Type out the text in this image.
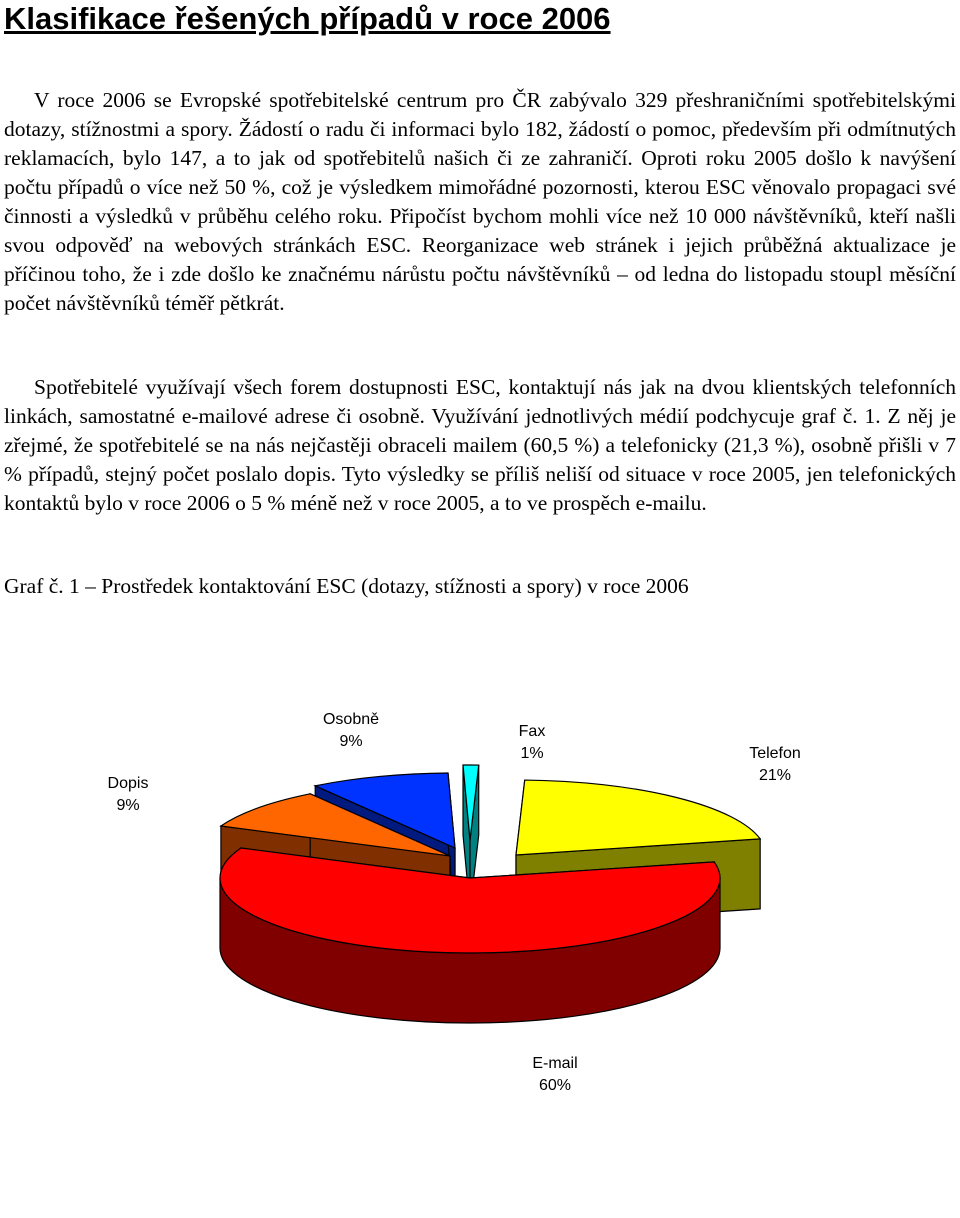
Klasifikace řešených případů v roce 2006

V roce 2006 se Evropské spotřebitelské centrum pro ČR zabývalo 329 přeshraničními spotřebitelskými dotazy, stížnostmi a spory. Žádostí o radu či informaci bylo 182, žádostí o pomoc, především při odmítnutých reklamacích, bylo 147, a to jak od spotřebitelů našich či ze zahraničí. Oproti roku 2005 došlo k navýšení počtu případů o více než 50 %, což je výsledkem mimořádné pozornosti, kterou ESC věnovalo propagaci své činnosti a výsledků v průběhu celého roku. Připočíst bychom mohli více než 10 000 návštěvníků, kteří našli svou odpověď na webových stránkách ESC. Reorganizace web stránek i jejich průběžná aktualizace je příčinou toho, že i zde došlo ke značnému nárůstu počtu návštěvníků – od ledna do listopadu stoupl měsíční počet návštěvníků téměř pětkrát.

Spotřebitelé využívají všech forem dostupnosti ESC, kontaktují nás jak na dvou klientských telefonních linkách, samostatné e-mailové adrese či osobně. Využívání jednotlivých médií podchycuje graf č. 1. Z něj je zřejmé, že spotřebitelé se na nás nejčastěji obraceli mailem (60,5 %) a telefonicky (21,3 %), osobně přišli v 7 % případů, stejný počet poslalo dopis. Tyto výsledky se příliš neliší od situace v roce 2005, jen telefonických kontaktů bylo v roce 2006 o 5 % méně než v roce 2005, a to ve prospěch e-mailu.

Graf č. 1 – Prostředek kontaktování ESC (dotazy, stížnosti a spory) v roce 2006

Telefon
21%
E-mail
60%
Dopis
9%
Osobně
9%
Fax
1%
